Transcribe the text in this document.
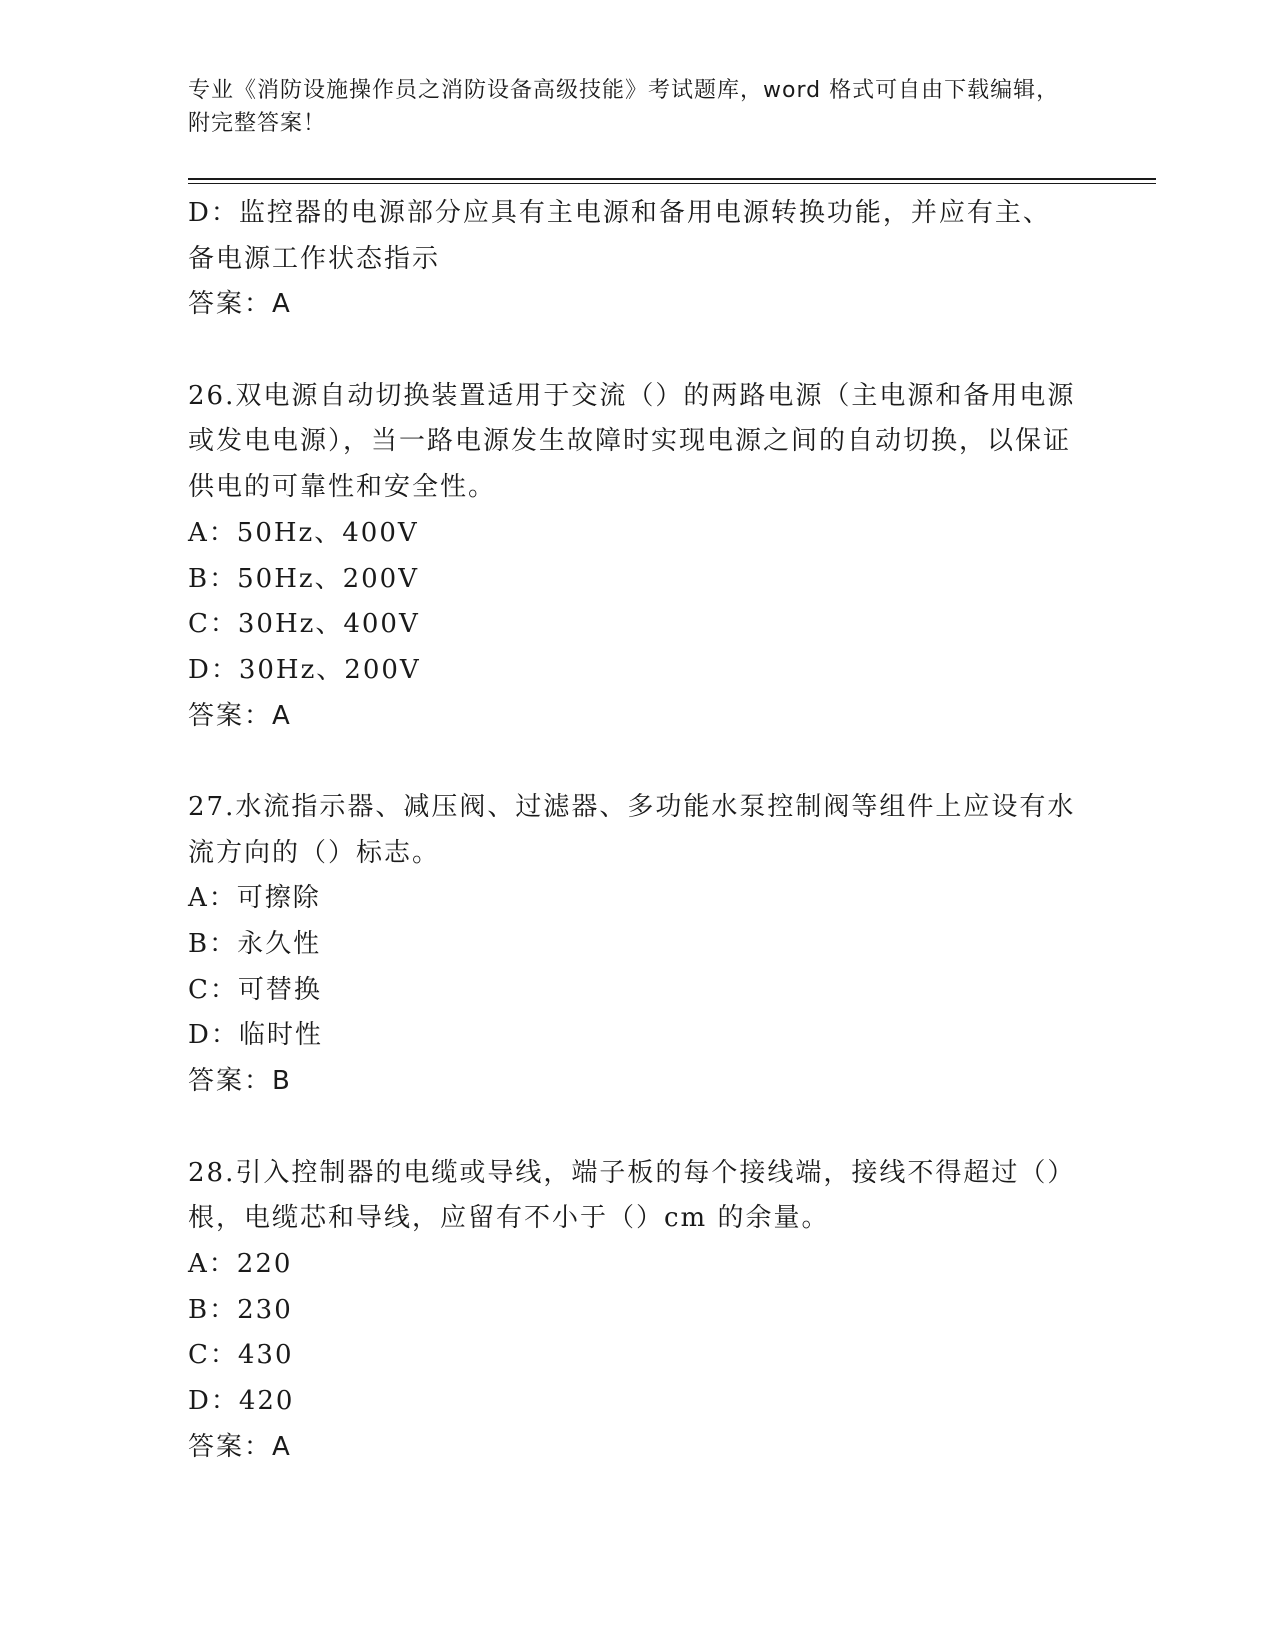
专业《消防设施操作员之消防设备高级技能》考试题库，word 格式可自由下载编辑，附完整答案！

D：监控器的电源部分应具有主电源和备用电源转换功能，并应有主、备电源工作状态指示

答案：A

26.双电源自动切换装置适用于交流（）的两路电源（主电源和备用电源或发电电源），当一路电源发生故障时实现电源之间的自动切换，以保证供电的可靠性和安全性。

A：50Hz、400V
B：50Hz、200V
C：30Hz、400V
D：30Hz、200V
答案：A

27.水流指示器、减压阀、过滤器、多功能水泵控制阀等组件上应设有水流方向的（）标志。

A：可擦除
B：永久性
C：可替换
D：临时性
答案：B

28.引入控制器的电缆或导线，端子板的每个接线端，接线不得超过（）根，电缆芯和导线，应留有不小于（）cm 的余量。

A：220
B：230
C：430
D：420
答案：A
